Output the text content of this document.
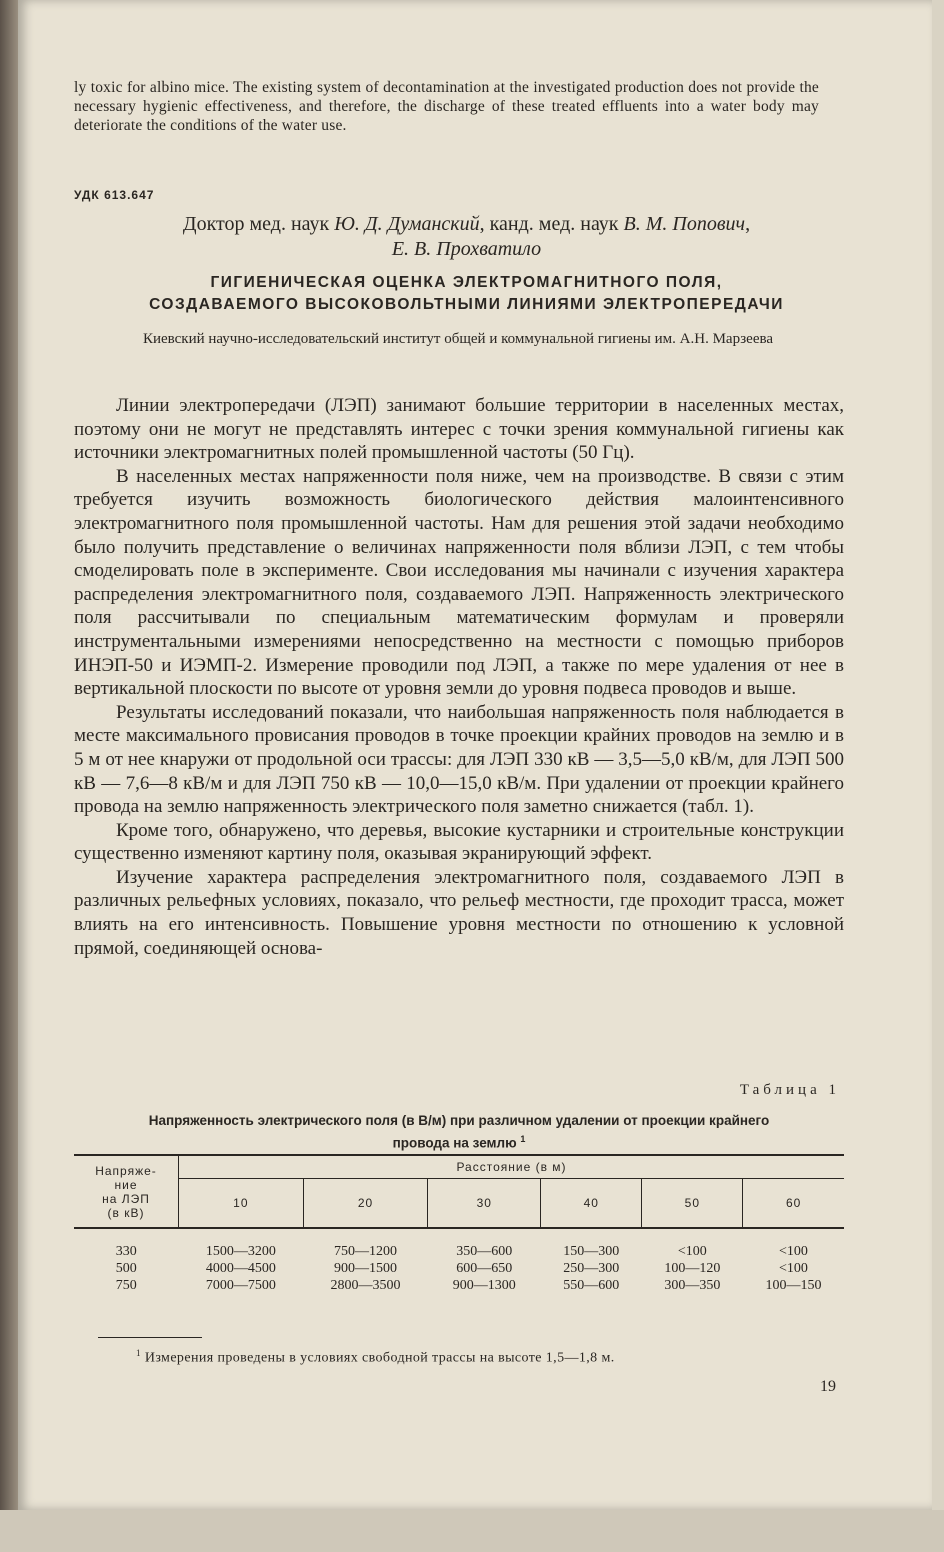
ly toxic for albino mice. The existing system of decontamination at the investigated production does not provide the necessary hygienic effectiveness, and therefore, the discharge of these treated effluents into a water body may deteriorate the conditions of the water use.
УДК 613.647
Доктор мед. наук Ю. Д. Думанский, канд. мед. наук В. М. Попович,
Е. В. Прохватило
ГИГИЕНИЧЕСКАЯ ОЦЕНКА ЭЛЕКТРОМАГНИТНОГО ПОЛЯ,
СОЗДАВАЕМОГО ВЫСОКОВОЛЬТНЫМИ ЛИНИЯМИ ЭЛЕКТРОПЕРЕДАЧИ
Киевский научно-исследовательский институт общей и коммунальной гигиены им. А.Н. Марзеева

Линии электропередачи (ЛЭП) занимают большие территории в населенных местах, поэтому они не могут не представлять интерес с точки зрения коммунальной гигиены как источники электромагнитных полей промышленной частоты (50 Гц).

В населенных местах напряженности поля ниже, чем на производстве. В связи с этим требуется изучить возможность биологического действия малоинтенсивного электромагнитного поля промышленной частоты. Нам для решения этой задачи необходимо было получить представление о величинах напряженности поля вблизи ЛЭП, с тем чтобы смоделировать поле в эксперименте. Свои исследования мы начинали с изучения характера распределения электромагнитного поля, создаваемого ЛЭП. Напряженность электрического поля рассчитывали по специальным математическим формулам и проверяли инструментальными измерениями непосредственно на местности с помощью приборов ИНЭП-50 и ИЭМП-2. Измерение проводили под ЛЭП, а также по мере удаления от нее в вертикальной плоскости по высоте от уровня земли до уровня подвеса проводов и выше.

Результаты исследований показали, что наибольшая напряженность поля наблюдается в месте максимального провисания проводов в точке проекции крайних проводов на землю и в 5 м от нее кнаружи от продольной оси трассы: для ЛЭП 330 кВ — 3,5—5,0 кВ/м, для ЛЭП 500 кВ — 7,6—8 кВ/м и для ЛЭП 750 кВ — 10,0—15,0 кВ/м. При удалении от проекции крайнего провода на землю напряженность электрического поля заметно снижается (табл. 1).

Кроме того, обнаружено, что деревья, высокие кустарники и строительные конструкции существенно изменяют картину поля, оказывая экранирующий эффект.

Изучение характера распределения электромагнитного поля, создаваемого ЛЭП в различных рельефных условиях, показало, что рельеф местности, где проходит трасса, может влиять на его интенсивность. Повышение уровня местности по отношению к условной прямой, соединяющей основа-

Таблица 1
Напряженность электрического поля (в В/м) при различном удалении от проекции крайнего
провода на землю $^1$
Напряже-
ние
на ЛЭП
(в кВ)	Расстояние (в м)					
	10	20	30	40	50	60
330	1500—3200	750—1200	350—600	150—300	<100	<100
500	4000—4500	900—1500	600—650	250—300	100—120	<100
750	7000—7500	2800—3500	900—1300	550—600	300—350	100—150
$^1$ Измерения проведены в условиях свободной трассы на высоте 1,5—1,8 м.
19
